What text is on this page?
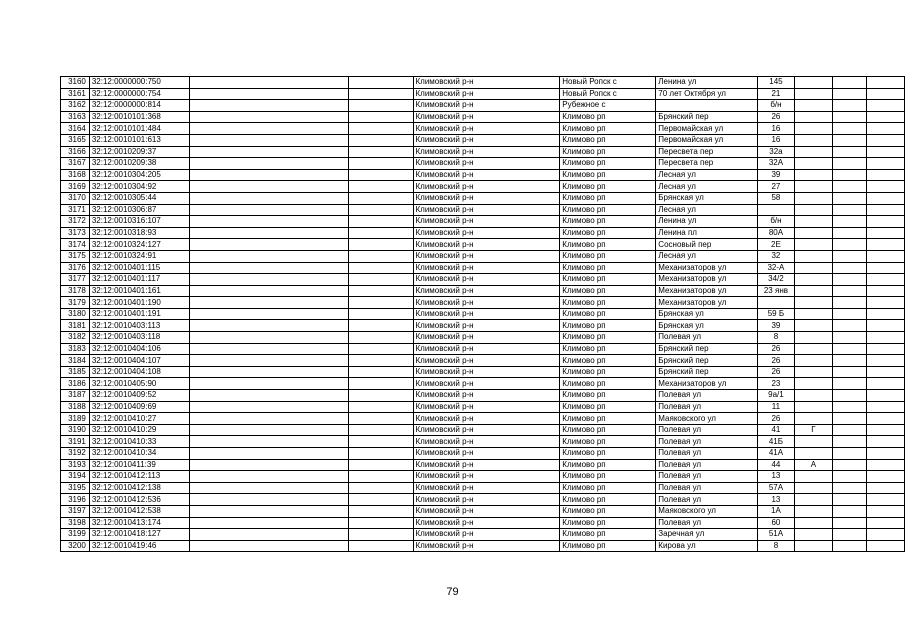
3160	32:12:0000000:750			Климовский р-н	Новый Ропск с	Ленина ул	145			
3161	32:12:0000000:754			Климовский р-н	Новый Ропск с	70 лет Октября ул	21			
3162	32:12:0000000:814			Климовский р-н	Рубежное с		б/н			
3163	32:12:0010101:368			Климовский р-н	Климово рп	Брянский пер	26			
3164	32:12:0010101:484			Климовский р-н	Климово рп	Первомайская ул	16			
3165	32:12:0010101:613			Климовский р-н	Климово рп	Первомайская ул	16			
3166	32:12:0010209:37			Климовский р-н	Климово рп	Пересвета пер	32а			
3167	32:12:0010209:38			Климовский р-н	Климово рп	Пересвета пер	32А			
3168	32:12:0010304:205			Климовский р-н	Климово рп	Лесная ул	39			
3169	32:12:0010304:92			Климовский р-н	Климово рп	Лесная ул	27			
3170	32:12:0010305:44			Климовский р-н	Климово рп	Брянская ул	58			
3171	32:12:0010306:87			Климовский р-н	Климово рп	Лесная ул				
3172	32:12:0010316:107			Климовский р-н	Климово рп	Ленина ул	б/н			
3173	32:12:0010318:93			Климовский р-н	Климово рп	Ленина пл	80А			
3174	32:12:0010324:127			Климовский р-н	Климово рп	Сосновый пер	2Е			
3175	32:12:0010324:91			Климовский р-н	Климово рп	Лесная ул	32			
3176	32:12:0010401:115			Климовский р-н	Климово рп	Механизаторов ул	32-А			
3177	32:12:0010401:117			Климовский р-н	Климово рп	Механизаторов ул	34/2			
3178	32:12:0010401:161			Климовский р-н	Климово рп	Механизаторов ул	23 янв			
3179	32:12:0010401:190			Климовский р-н	Климово рп	Механизаторов ул				
3180	32:12:0010401:191			Климовский р-н	Климово рп	Брянская ул	59 Б			
3181	32:12:0010403:113			Климовский р-н	Климово рп	Брянская ул	39			
3182	32:12:0010403:118			Климовский р-н	Климово рп	Полевая ул	8			
3183	32:12:0010404:106			Климовский р-н	Климово рп	Брянский пер	26			
3184	32:12:0010404:107			Климовский р-н	Климово рп	Брянский пер	26			
3185	32:12:0010404:108			Климовский р-н	Климово рп	Брянский пер	26			
3186	32:12:0010405:90			Климовский р-н	Климово рп	Механизаторов ул	23			
3187	32:12:0010409:52			Климовский р-н	Климово рп	Полевая ул	9а/1			
3188	32:12:0010409:69			Климовский р-н	Климово рп	Полевая ул	11			
3189	32:12:0010410:27			Климовский р-н	Климово рп	Маяковского ул	26			
3190	32:12:0010410:29			Климовский р-н	Климово рп	Полевая ул	41	Г		
3191	32:12:0010410:33			Климовский р-н	Климово рп	Полевая ул	41Б			
3192	32:12:0010410:34			Климовский р-н	Климово рп	Полевая ул	41А			
3193	32:12:0010411:39			Климовский р-н	Климово рп	Полевая ул	44	А		
3194	32:12:0010412:113			Климовский р-н	Климово рп	Полевая ул	13			
3195	32:12:0010412:138			Климовский р-н	Климово рп	Полевая ул	57А			
3196	32:12:0010412:536			Климовский р-н	Климово рп	Полевая ул	13			
3197	32:12:0010412:538			Климовский р-н	Климово рп	Маяковского ул	1А			
3198	32:12:0010413:174			Климовский р-н	Климово рп	Полевая ул	60			
3199	32:12:0010418:127			Климовский р-н	Климово рп	Заречная ул	51А			
3200	32:12:0010419:46			Климовский р-н	Климово рп	Кирова ул	8			
79
